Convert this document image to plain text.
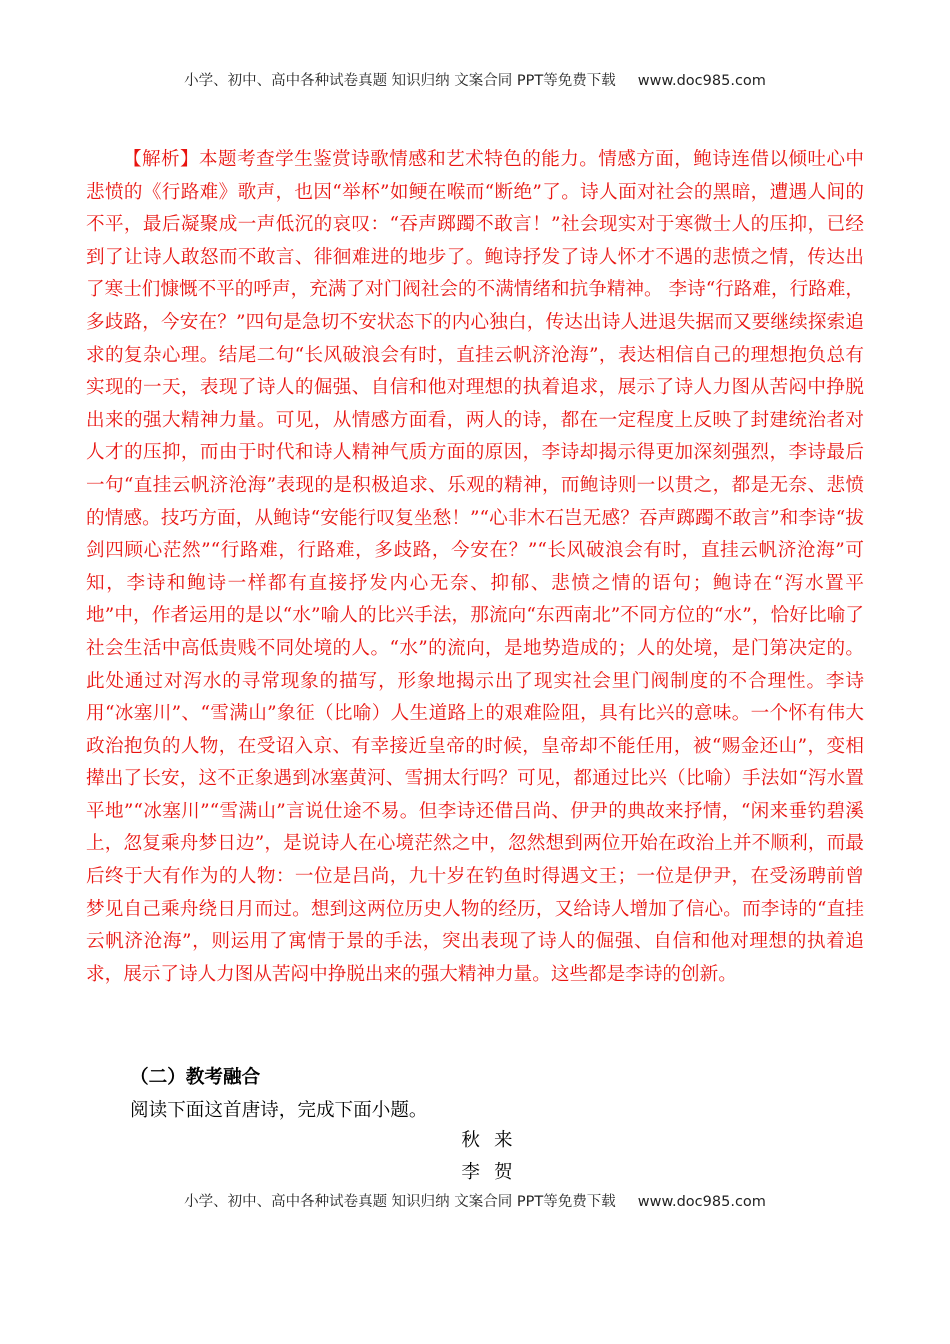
小学、初中、高中各种试卷真题 知识归纳 文案合同 PPT等免费下载 www.doc985.com

【解析】本题考查学生鉴赏诗歌情感和艺术特色的能力。情感方面，鲍诗连借以倾吐心中悲愤的《行路难》歌声，也因“举杯”如鲠在喉而“断绝”了。诗人面对社会的黑暗，遭遇人间的不平，最后凝聚成一声低沉的哀叹：“吞声踯躅不敢言！”社会现实对于寒微士人的压抑，已经到了让诗人敢怒而不敢言、徘徊难进的地步了。鲍诗抒发了诗人怀才不遇的悲愤之情，传达出了寒士们慷慨不平的呼声，充满了对门阀社会的不满情绪和抗争精神。 李诗“行路难，行路难，多歧路，今安在？”四句是急切不安状态下的内心独白，传达出诗人进退失据而又要继续探索追求的复杂心理。结尾二句“长风破浪会有时，直挂云帆济沧海”，表达相信自己的理想抱负总有实现的一天，表现了诗人的倔强、自信和他对理想的执着追求，展示了诗人力图从苦闷中挣脱出来的强大精神力量。可见，从情感方面看，两人的诗，都在一定程度上反映了封建统治者对人才的压抑，而由于时代和诗人精神气质方面的原因，李诗却揭示得更加深刻强烈，李诗最后一句“直挂云帆济沧海”表现的是积极追求、乐观的精神，而鲍诗则一以贯之，都是无奈、悲愤的情感。技巧方面，从鲍诗“安能行叹复坐愁！”“心非木石岂无感？吞声踯躅不敢言”和李诗“拔剑四顾心茫然”“行路难，行路难，多歧路，今安在？”“长风破浪会有时，直挂云帆济沧海”可知，李诗和鲍诗一样都有直接抒发内心无奈、抑郁、悲愤之情的语句；鲍诗在“泻水置平地”中，作者运用的是以“水”喻人的比兴手法，那流向“东西南北”不同方位的“水”，恰好比喻了社会生活中高低贵贱不同处境的人。“水”的流向，是地势造成的；人的处境，是门第决定的。此处通过对泻水的寻常现象的描写，形象地揭示出了现实社会里门阀制度的不合理性。李诗用“冰塞川”、“雪满山”象征（比喻）人生道路上的艰难险阻，具有比兴的意味。一个怀有伟大政治抱负的人物，在受诏入京、有幸接近皇帝的时候，皇帝却不能任用，被“赐金还山”，变相撵出了长安，这不正象遇到冰塞黄河、雪拥太行吗？可见，都通过比兴（比喻）手法如“泻水置平地”“冰塞川”“雪满山”言说仕途不易。但李诗还借吕尚、伊尹的典故来抒情，“闲来垂钓碧溪上，忽复乘舟梦日边”，是说诗人在心境茫然之中，忽然想到两位开始在政治上并不顺利，而最后终于大有作为的人物：一位是吕尚，九十岁在钓鱼时得遇文王；一位是伊尹，在受汤聘前曾梦见自己乘舟绕日月而过。想到这两位历史人物的经历，又给诗人增加了信心。而李诗的“直挂云帆济沧海”，则运用了寓情于景的手法，突出表现了诗人的倔强、自信和他对理想的执着追求，展示了诗人力图从苦闷中挣脱出来的强大精神力量。这些都是李诗的创新。

（二）教考融合

阅读下面这首唐诗，完成下面小题。

秋来

李贺

小学、初中、高中各种试卷真题 知识归纳 文案合同 PPT等免费下载 www.doc985.com
